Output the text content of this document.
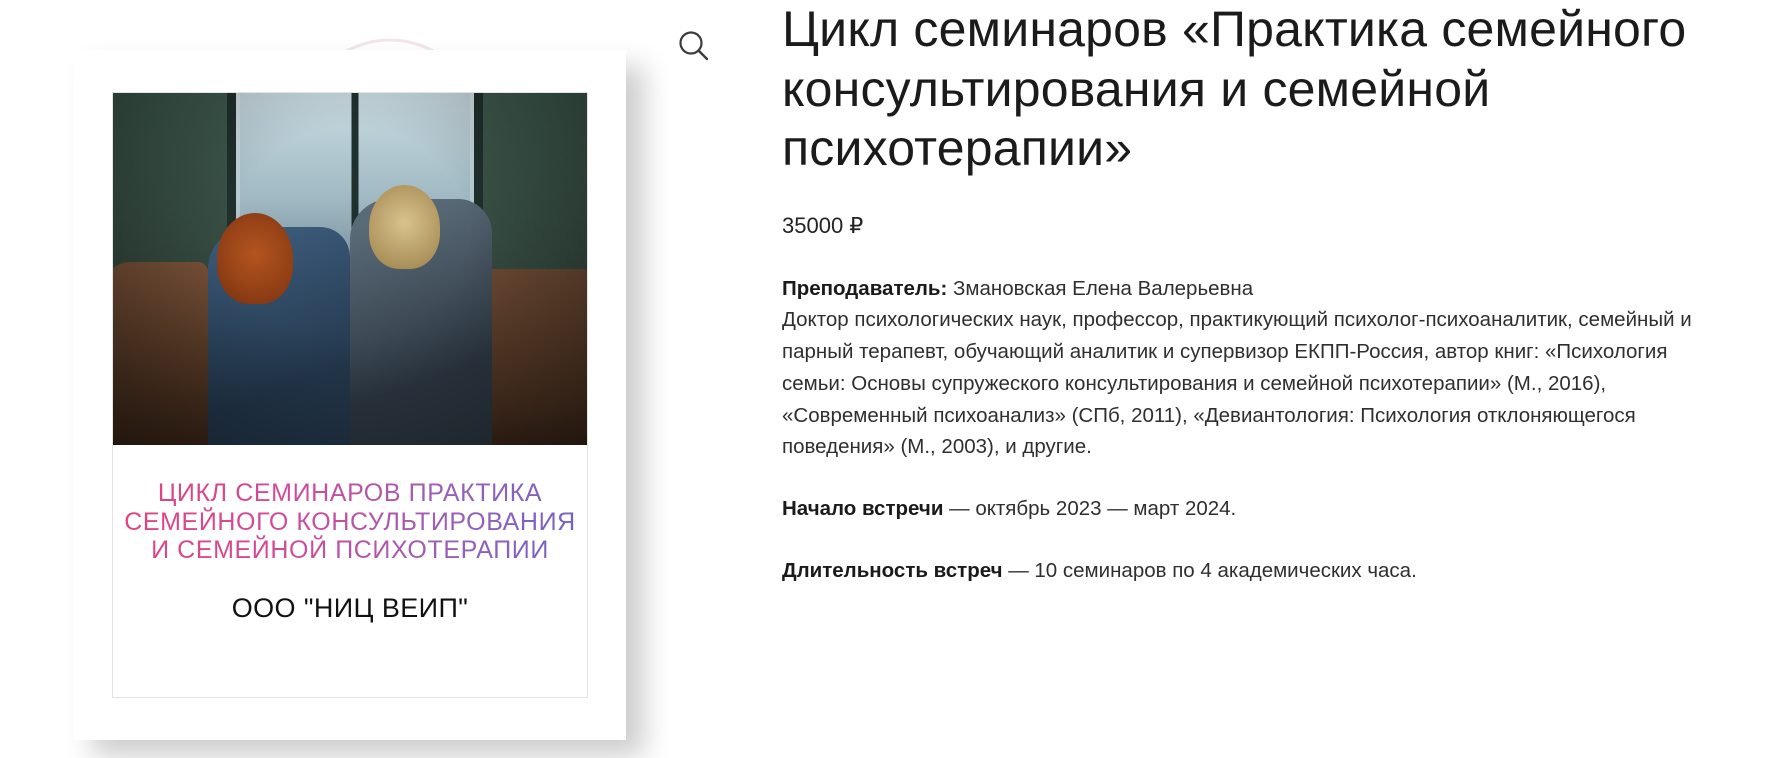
ЦИКЛ СЕМИНАРОВ ПРАКТИКА СЕМЕЙНОГО КОНСУЛЬТИРОВАНИЯ И СЕМЕЙНОЙ ПСИХОТЕРАПИИ

ООО "НИЦ ВЕИП"

Цикл семинаров «Практика семейного консультирования и семейной психотерапии»

35000 ₽

Преподаватель: Змановская Елена Валерьевна
Доктор психологических наук, профессор, практикующий психолог-психоаналитик, семейный и парный терапевт, обучающий аналитик и супервизор ЕКПП-Россия, автор книг: «Психология семьи: Основы супружеского консультирования и семейной психотерапии» (М., 2016), «Современный психоанализ» (СПб, 2011), «Девиантология: Психология отклоняющегося поведения» (М., 2003), и другие.

Начало встречи — октябрь 2023 — март 2024.

Длительность встреч — 10 семинаров по 4 академических часа.
